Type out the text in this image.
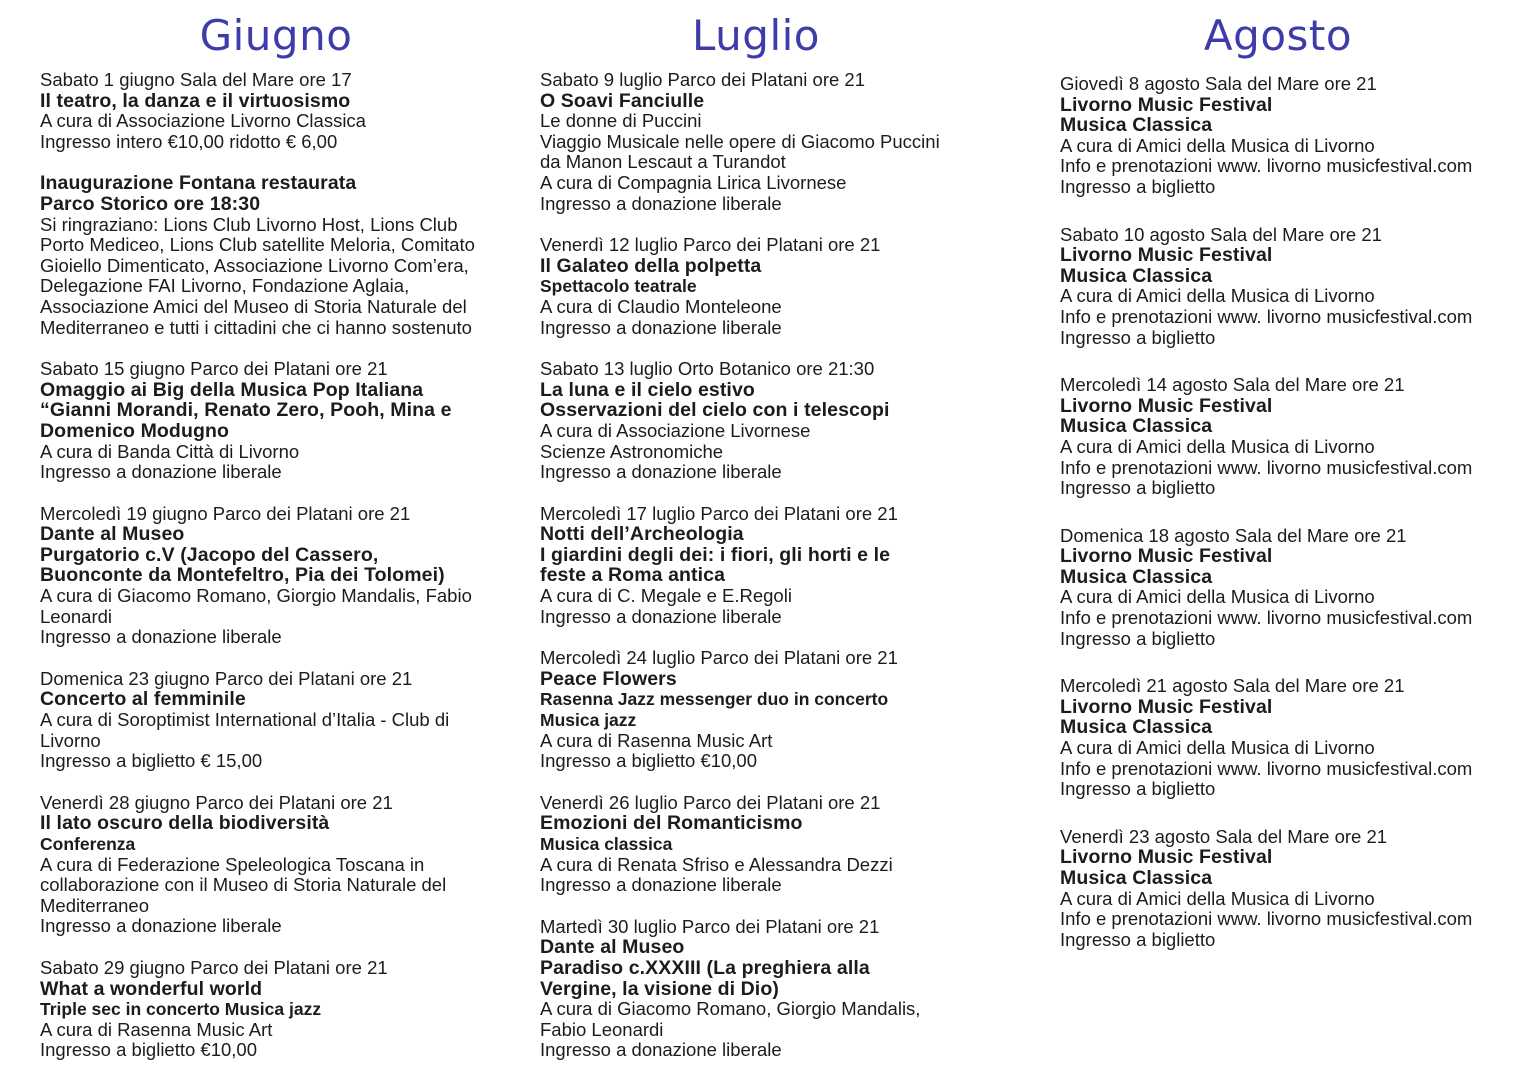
Giugno
Sabato 1 giugno Sala del Mare ore 17
Il teatro, la danza e il virtuosismo
A cura di Associazione Livorno Classica
Ingresso intero €10,00 ridotto € 6,00
Inaugurazione Fontana restaurata
Parco Storico ore 18:30
Si ringraziano: Lions Club Livorno Host, Lions Club
Porto Mediceo, Lions Club satellite Meloria, Comitato
Gioiello Dimenticato, Associazione Livorno Com’era,
Delegazione FAI Livorno, Fondazione Aglaia,
Associazione Amici del Museo di Storia Naturale del
Mediterraneo e tutti i cittadini che ci hanno sostenuto
Sabato 15 giugno Parco dei Platani ore 21
Omaggio ai Big della Musica Pop Italiana
“Gianni Morandi, Renato Zero, Pooh, Mina e
Domenico Modugno
A cura di Banda Città di Livorno
Ingresso a donazione liberale
Mercoledì 19 giugno Parco dei Platani ore 21
Dante al Museo
Purgatorio c.V (Jacopo del Cassero,
Buonconte da Montefeltro, Pia dei Tolomei)
A cura di Giacomo Romano, Giorgio Mandalis, Fabio
Leonardi
Ingresso a donazione liberale
Domenica 23 giugno Parco dei Platani ore 21
Concerto al femminile
A cura di Soroptimist International d’Italia - Club di
Livorno
Ingresso a biglietto € 15,00
Venerdì 28 giugno Parco dei Platani ore 21
Il lato oscuro della biodiversità
Conferenza
A cura di Federazione Speleologica Toscana in
collaborazione con il Museo di Storia Naturale del
Mediterraneo
Ingresso a donazione liberale
Sabato 29 giugno Parco dei Platani ore 21
What a wonderful world
Triple sec in concerto Musica jazz
A cura di Rasenna Music Art
Ingresso a biglietto €10,00
Luglio
Sabato 9 luglio Parco dei Platani ore 21
O Soavi Fanciulle
Le donne di Puccini
Viaggio Musicale nelle opere di Giacomo Puccini
da Manon Lescaut a Turandot
A cura di Compagnia Lirica Livornese
Ingresso a donazione liberale
Venerdì 12 luglio Parco dei Platani ore 21
Il Galateo della polpetta
Spettacolo teatrale
A cura di Claudio Monteleone
Ingresso a donazione liberale
Sabato 13 luglio Orto Botanico ore 21:30
La luna e il cielo estivo
Osservazioni del cielo con i telescopi
A cura di Associazione Livornese
Scienze Astronomiche
Ingresso a donazione liberale
Mercoledì 17 luglio Parco dei Platani ore 21
Notti dell’Archeologia
I giardini degli dei: i fiori, gli horti e le
feste a Roma antica
A cura di C. Megale e E.Regoli
Ingresso a donazione liberale
Mercoledì 24 luglio Parco dei Platani ore 21
Peace Flowers
Rasenna Jazz messenger duo in concerto
Musica jazz
A cura di Rasenna Music Art
Ingresso a biglietto €10,00
Venerdì 26 luglio Parco dei Platani ore 21
Emozioni del Romanticismo
Musica classica
A cura di Renata Sfriso e Alessandra Dezzi
Ingresso a donazione liberale
Martedì 30 luglio Parco dei Platani ore 21
Dante al Museo
Paradiso c.XXXIII (La preghiera alla
Vergine, la visione di Dio)
A cura di Giacomo Romano, Giorgio Mandalis,
Fabio Leonardi
Ingresso a donazione liberale
Agosto
Giovedì 8 agosto Sala del Mare ore 21
Livorno Music Festival
Musica Classica
A cura di Amici della Musica di Livorno
Info e prenotazioni www. livorno musicfestival.com
Ingresso a biglietto
Sabato 10 agosto Sala del Mare ore 21
Livorno Music Festival
Musica Classica
A cura di Amici della Musica di Livorno
Info e prenotazioni www. livorno musicfestival.com
Ingresso a biglietto
Mercoledì 14 agosto Sala del Mare ore 21
Livorno Music Festival
Musica Classica
A cura di Amici della Musica di Livorno
Info e prenotazioni www. livorno musicfestival.com
Ingresso a biglietto
Domenica 18 agosto Sala del Mare ore 21
Livorno Music Festival
Musica Classica
A cura di Amici della Musica di Livorno
Info e prenotazioni www. livorno musicfestival.com
Ingresso a biglietto
Mercoledì 21 agosto Sala del Mare ore 21
Livorno Music Festival
Musica Classica
A cura di Amici della Musica di Livorno
Info e prenotazioni www. livorno musicfestival.com
Ingresso a biglietto
Venerdì 23 agosto Sala del Mare ore 21
Livorno Music Festival
Musica Classica
A cura di Amici della Musica di Livorno
Info e prenotazioni www. livorno musicfestival.com
Ingresso a biglietto
